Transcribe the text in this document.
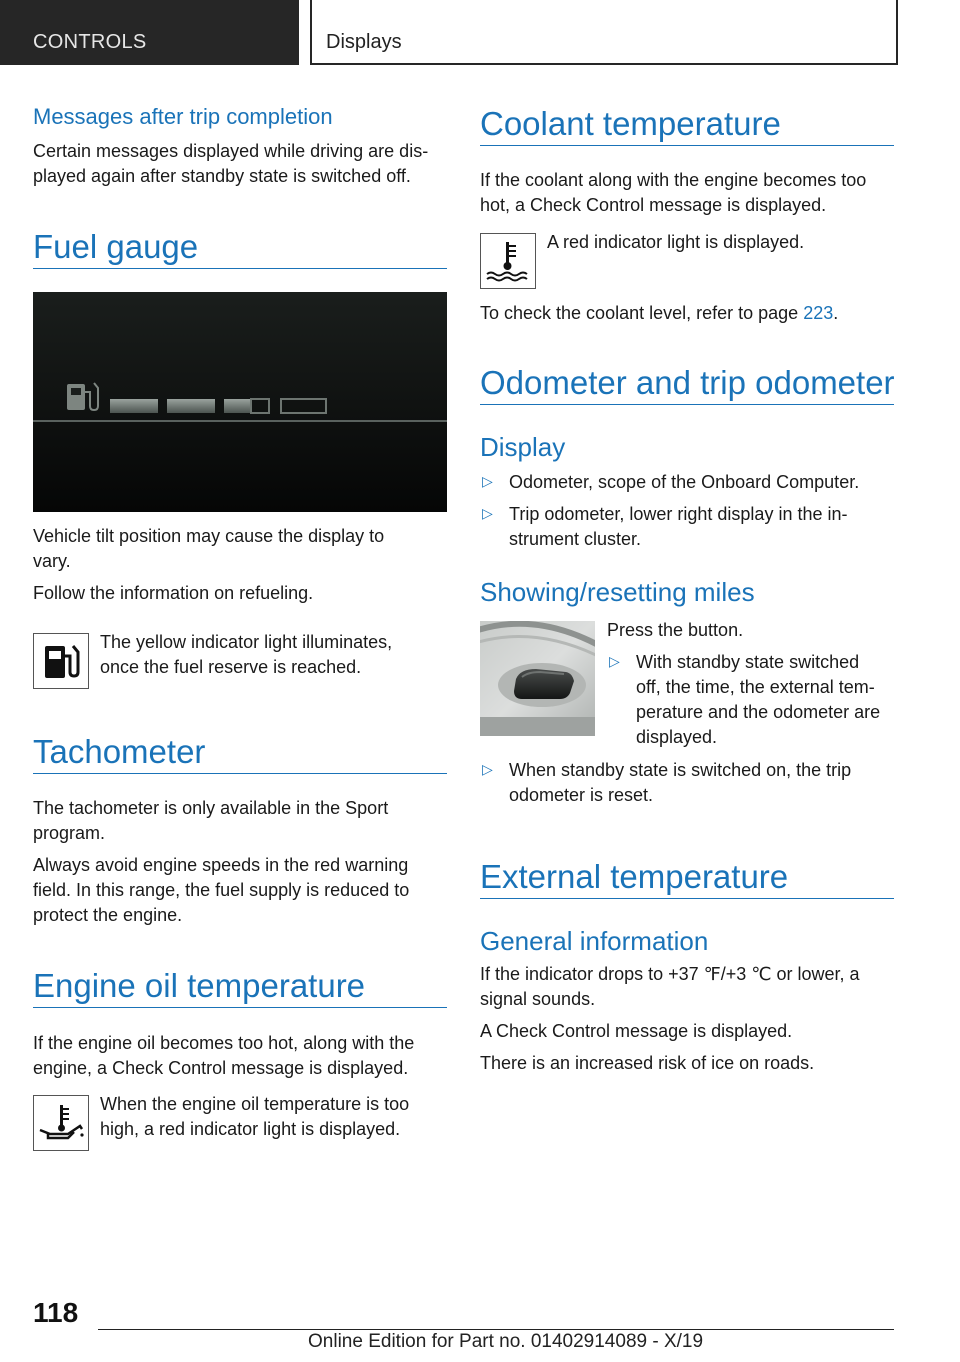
CONTROLS	Displays
Messages after trip completion
Certain messages displayed while driving are dis-
played again after standby state is switched off.
Fuel gauge
Vehicle tilt position may cause the display to
vary.
Follow the information on refueling.
The yellow indicator light illuminates,
once the fuel reserve is reached.
Tachometer
The tachometer is only available in the Sport
program.
Always avoid engine speeds in the red warning
field. In this range, the fuel supply is reduced to
protect the engine.
Engine oil temperature
If the engine oil becomes too hot, along with the
engine, a Check Control message is displayed.
When the engine oil temperature is too
high, a red indicator light is displayed.
Coolant temperature
If the coolant along with the engine becomes too
hot, a Check Control message is displayed.
A red indicator light is displayed.
To check the coolant level, refer to page 223.
Odometer and trip odometer
Display
▷ Odometer, scope of the Onboard Computer.
▷ Trip odometer, lower right display in the in-
strument cluster.
Showing/resetting miles
Press the button.
▷ With standby state switched
off, the time, the external tem-
perature and the odometer are
displayed.
▷ When standby state is switched on, the trip
odometer is reset.
External temperature
General information
If the indicator drops to +37 ℉/+3 ℃ or lower, a
signal sounds.
A Check Control message is displayed.
There is an increased risk of ice on roads.
118
Online Edition for Part no. 01402914089 - X/19
